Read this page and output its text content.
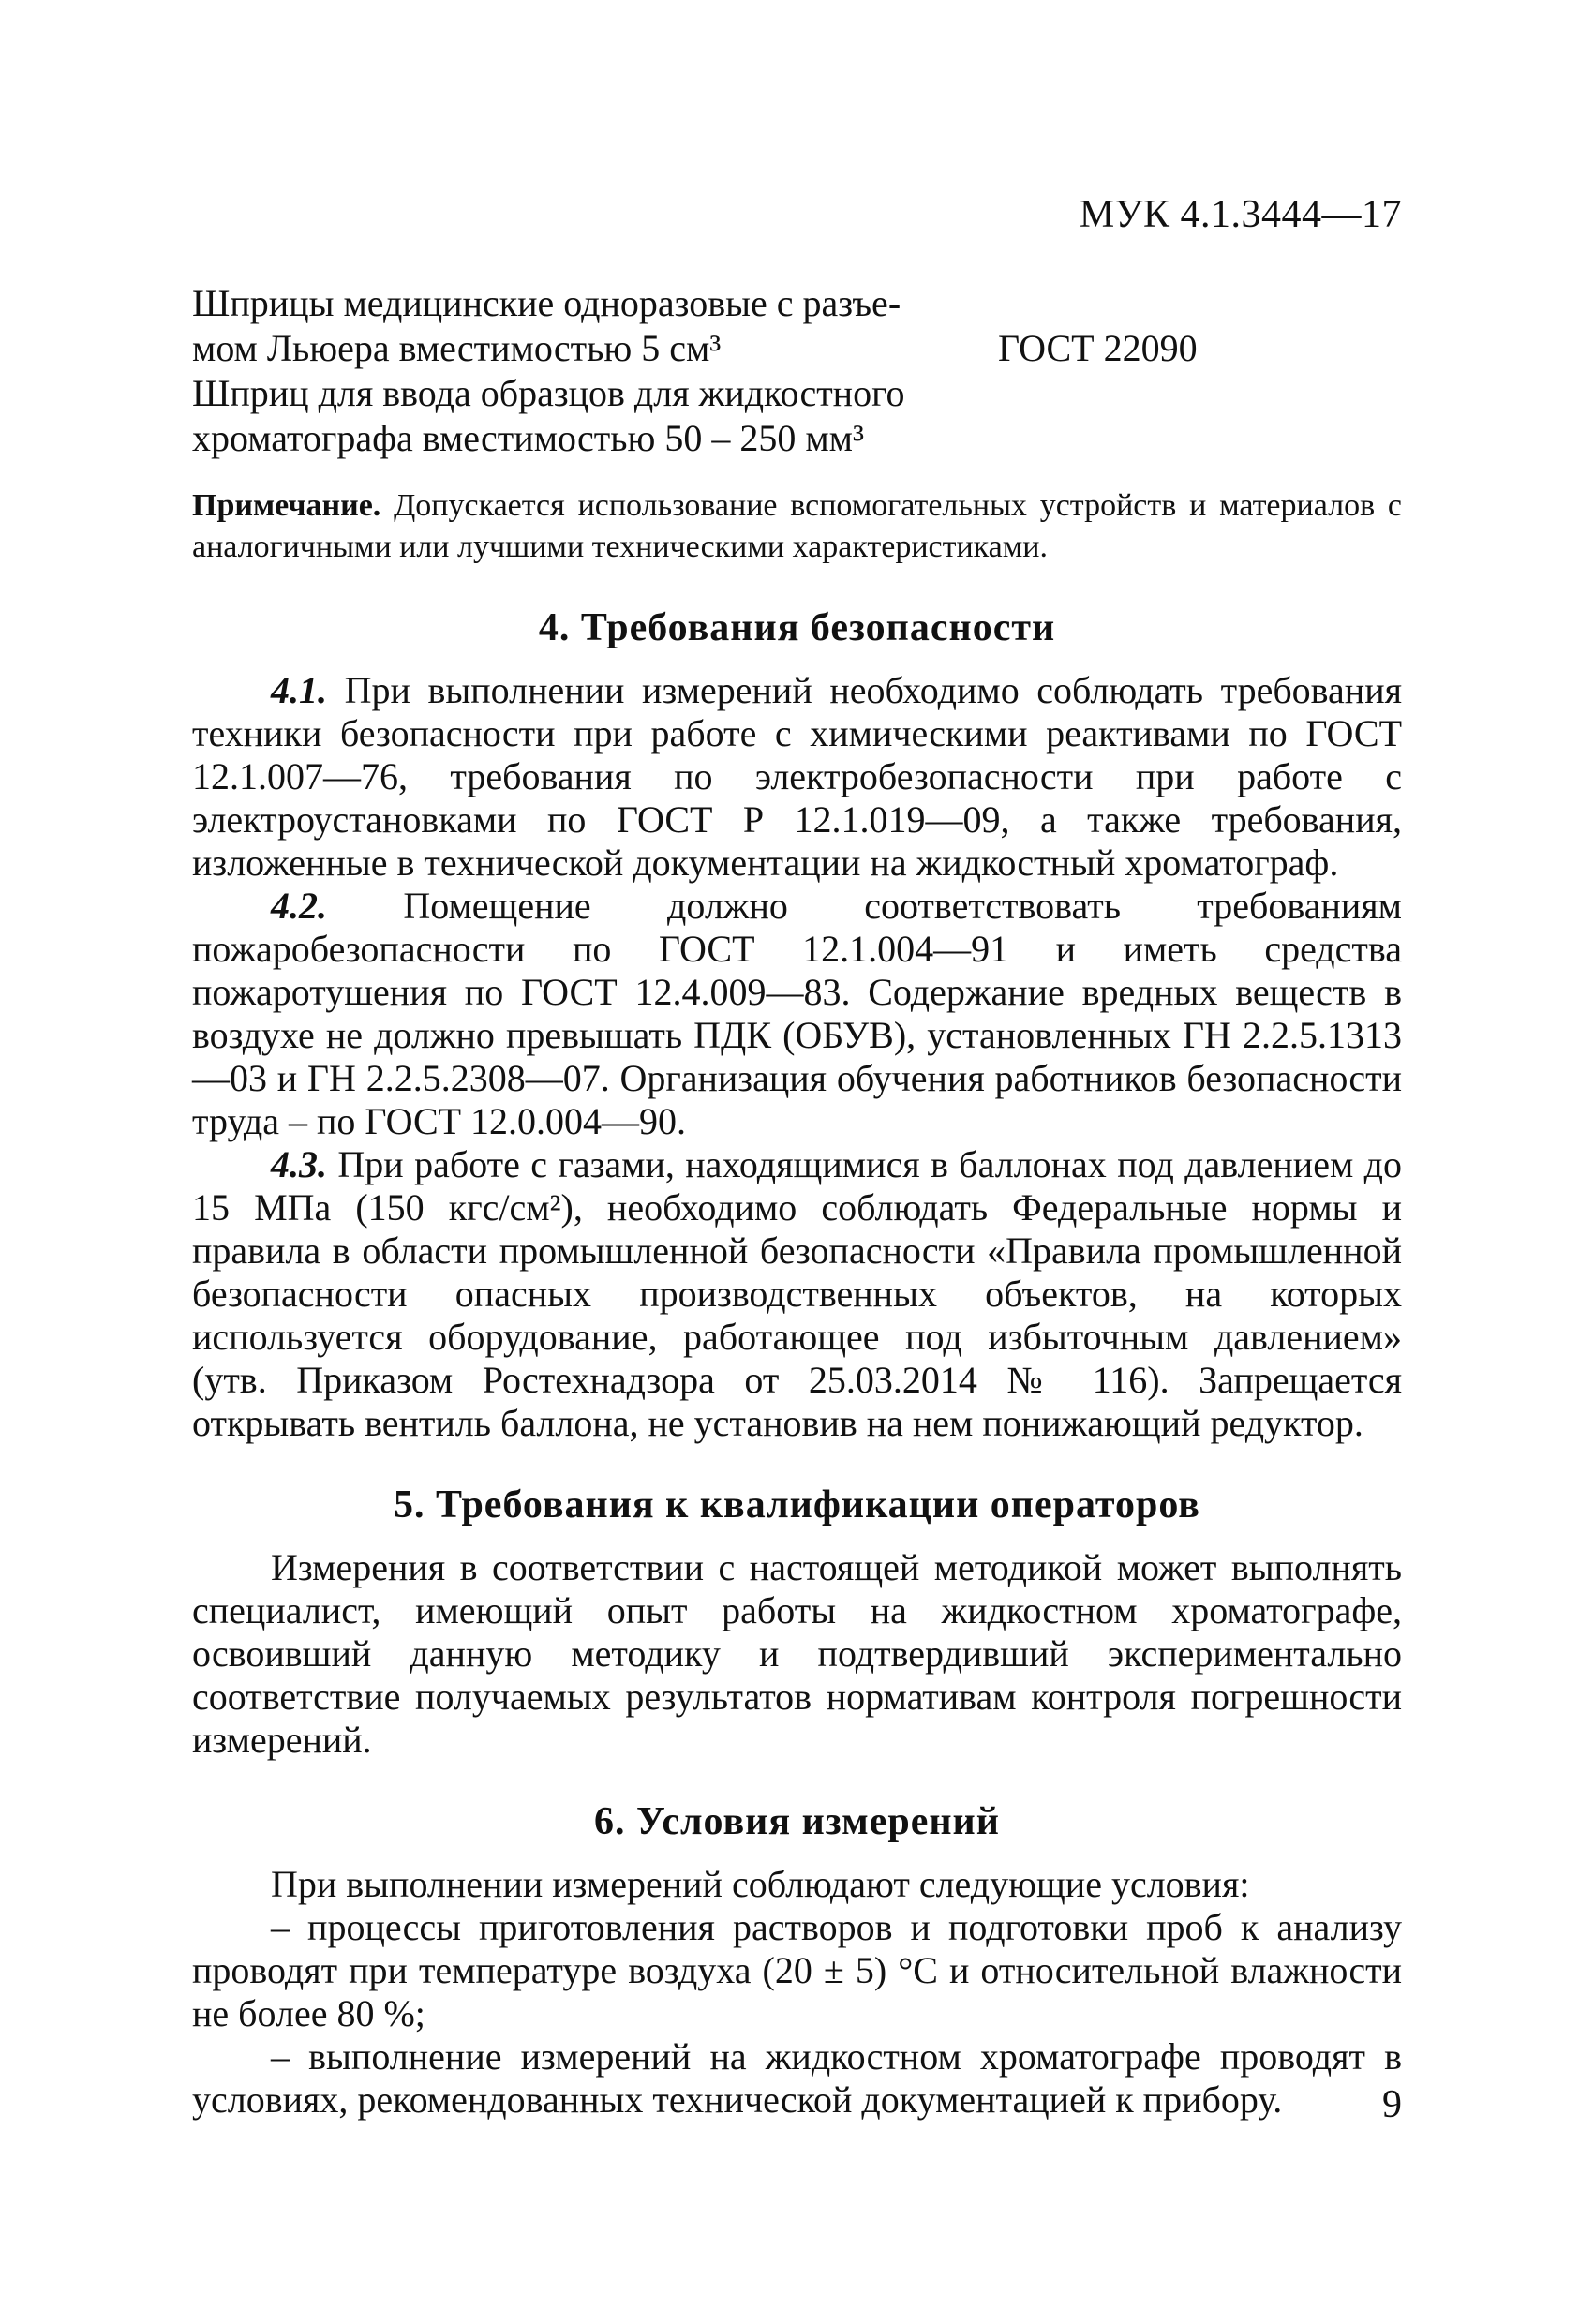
МУК 4.1.3444—17
Шприцы медицинские одноразовые с разъе-
мом Льюера вместимостью 5 см³	ГОСТ 22090
Шприц для ввода образцов для жидкостного
хроматографа вместимостью 50 – 250 мм³
Примечание. Допускается использование вспомогательных устройств и материалов с аналогичными или лучшими техническими характеристиками.
4. Требования безопасности

4.1. При выполнении измерений необходимо соблюдать требования техники безопасности при работе с химическими реактивами по ГОСТ 12.1.007—76, требования по электробезопасности при работе с электроустановками по ГОСТ Р 12.1.019—09, а также требования, изложенные в технической документации на жидкостный хроматограф.

4.2. Помещение должно соответствовать требованиям пожаробезопасности по ГОСТ 12.1.004—91 и иметь средства пожаротушения по ГОСТ 12.4.009—83. Содержание вредных веществ в воздухе не должно превышать ПДК (ОБУВ), установленных ГН 2.2.5.1313—03 и ГН 2.2.5.2308—07. Организация обучения работников безопасности труда – по ГОСТ 12.0.004—90.

4.3. При работе с газами, находящимися в баллонах под давлением до 15 МПа (150 кгс/см²), необходимо соблюдать Федеральные нормы и правила в области промышленной безопасности «Правила промышленной безопасности опасных производственных объектов, на которых используется оборудование, работающее под избыточным давлением» (утв. Приказом Ростехнадзора от 25.03.2014 № 116). Запрещается открывать вентиль баллона, не установив на нем понижающий редуктор.

5. Требования к квалификации операторов

Измерения в соответствии с настоящей методикой может выполнять специалист, имеющий опыт работы на жидкостном хроматографе, освоивший данную методику и подтвердивший экспериментально соответствие получаемых результатов нормативам контроля погрешности измерений.

6. Условия измерений

При выполнении измерений соблюдают следующие условия:

– процессы приготовления растворов и подготовки проб к анализу проводят при температуре воздуха (20 ± 5) °С и относительной влажности не более 80 %;

– выполнение измерений на жидкостном хроматографе проводят в условиях, рекомендованных технической документацией к прибору.	9
